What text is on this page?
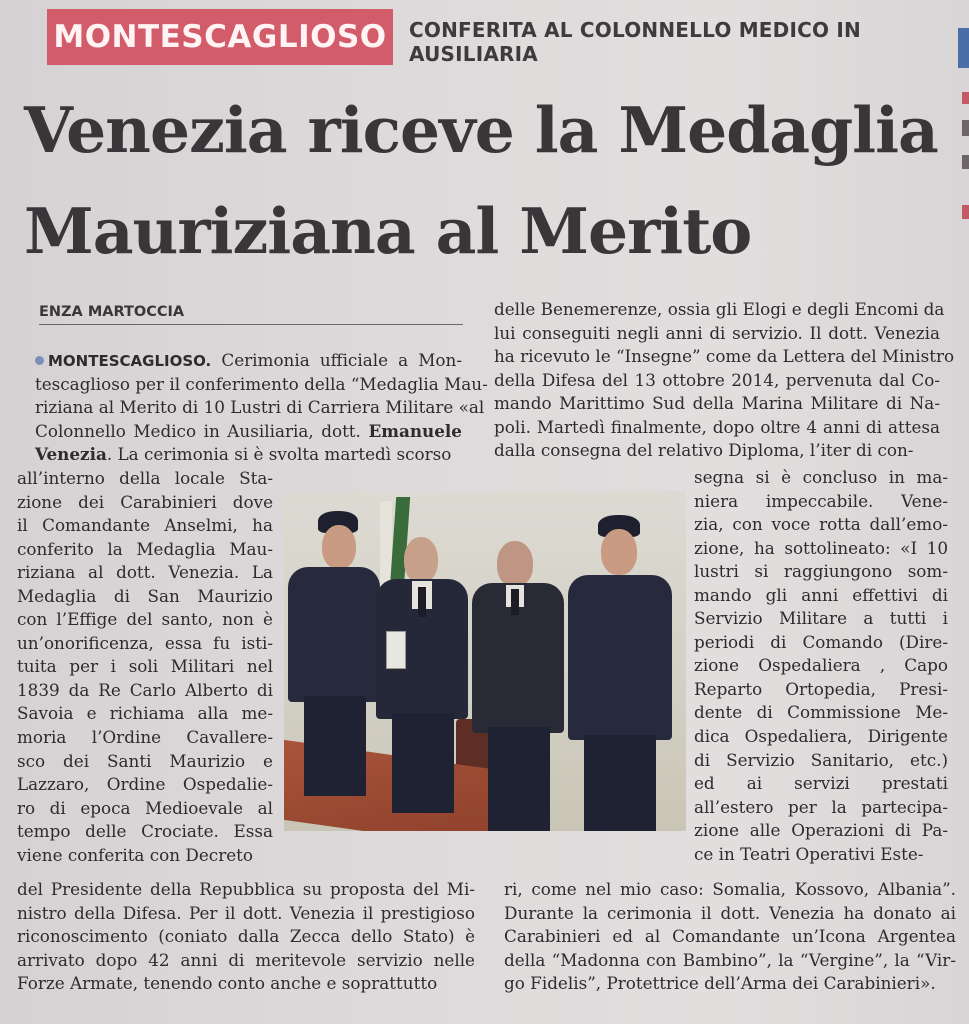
MONTESCAGLIOSO	CONFERITA AL COLONNELLO MEDICO IN AUSILIARIA
Venezia riceve la Medaglia
Mauriziana al Merito
ENZA MARTOCCIA
MONTESCAGLIOSO. Cerimonia ufficiale a Mon-
tescaglioso per il conferimento della “Medaglia Mau-
riziana al Merito di 10 Lustri di Carriera Militare «al
Colonnello Medico in Ausiliaria, dott. Emanuele
Venezia. La cerimonia si è svolta martedì scorso
all’interno della locale Sta-
zione dei Carabinieri dove
il Comandante Anselmi, ha
conferito la Medaglia Mau-
riziana al dott. Venezia. La
Medaglia di San Maurizio
con l’Effige del santo, non è
un’onorificenza, essa fu isti-
tuita per i soli Militari nel
1839 da Re Carlo Alberto di
Savoia e richiama alla me-
moria l’Ordine Cavallere-
sco dei Santi Maurizio e
Lazzaro, Ordine Ospedalie-
ro di epoca Medioevale al
tempo delle Crociate. Essa
viene conferita con Decreto
del Presidente della Repubblica su proposta del Mi-
nistro della Difesa. Per il dott. Venezia il prestigioso
riconoscimento (coniato dalla Zecca dello Stato) è
arrivato dopo 42 anni di meritevole servizio nelle
Forze Armate, tenendo conto anche e soprattutto
delle Benemerenze, ossia gli Elogi e degli Encomi da
lui conseguiti negli anni di servizio. Il dott. Venezia
ha ricevuto le “Insegne” come da Lettera del Ministro
della Difesa del 13 ottobre 2014, pervenuta dal Co-
mando Marittimo Sud della Marina Militare di Na-
poli. Martedì finalmente, dopo oltre 4 anni di attesa
dalla consegna del relativo Diploma, l’iter di con-
segna si è concluso in ma-
niera impeccabile. Vene-
zia, con voce rotta dall’emo-
zione, ha sottolineato: «I 10
lustri si raggiungono som-
mando gli anni effettivi di
Servizio Militare a tutti i
periodi di Comando (Dire-
zione Ospedaliera , Capo
Reparto Ortopedia, Presi-
dente di Commissione Me-
dica Ospedaliera, Dirigente
di Servizio Sanitario, etc.)
ed ai servizi prestati
all’estero per la partecipa-
zione alle Operazioni di Pa-
ce in Teatri Operativi Este-
ri, come nel mio caso: Somalia, Kossovo, Albania”.
Durante la cerimonia il dott. Venezia ha donato ai
Carabinieri ed al Comandante un’Icona Argentea
della “Madonna con Bambino”, la “Vergine”, la “Vir-
go Fidelis”, Protettrice dell’Arma dei Carabinieri».
